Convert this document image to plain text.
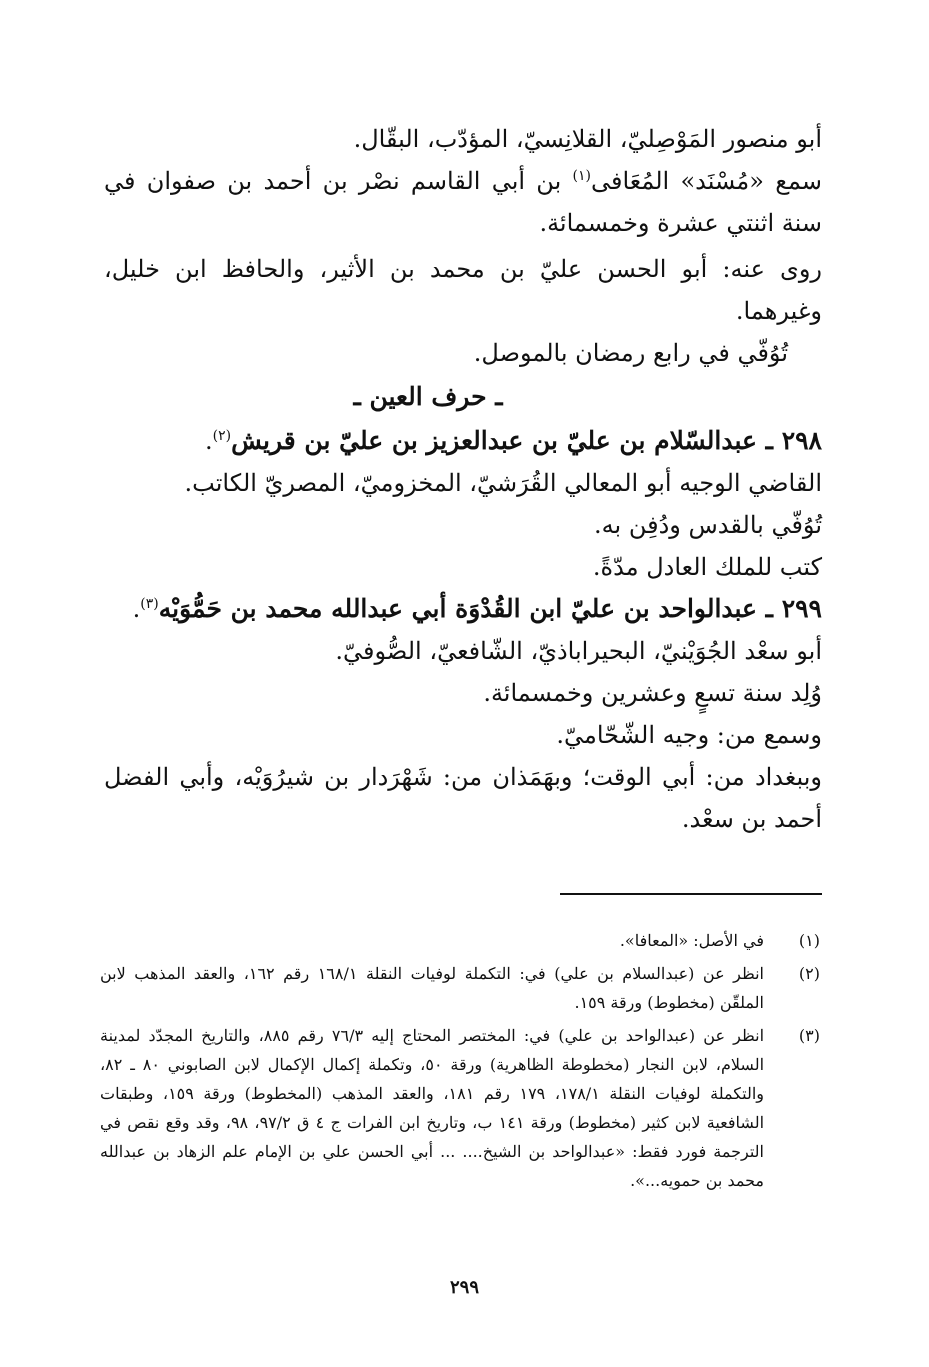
أبو منصور المَوْصِليّ، القلانِسيّ، المؤدّب، البقّال.

سمع «مُسْنَد» المُعَافى$^{(١)}$ بن أبي القاسم نصْر بن أحمد بن صفوان في سنة اثنتي عشرة وخمسمائة.

روى عنه: أبو الحسن عليّ بن محمد بن الأثير، والحافظ ابن خليل، وغيرهما.

تُوُفّي في رابع رمضان بالموصل.

ـ حرف العين ـ

٢٩٨ ـ عبدالسّلام بن عليّ بن عبدالعزيز بن عليّ بن قريش$^{(٢)}$.

القاضي الوجيه أبو المعالي القُرَشيّ، المخزوميّ، المصريّ الكاتب.

تُوُفّي بالقدس ودُفِن به.

كتب للملك العادل مدّةً.

٢٩٩ ـ عبدالواحد بن عليّ ابن القُدْوَة أبي عبدالله محمد بن حَمُّوَيْه$^{(٣)}$.

أبو سعْد الجُوَيْنيّ، البحيراباذيّ، الشّافعيّ، الصُّوفيّ.

وُلِد سنة تسعٍ وعشرين وخمسمائة.

وسمع من: وجيه الشّحّاميّ.

وببغداد من: أبي الوقت؛ وبهَمَذان من: شَهْرَدار بن شيرُوَيْه، وأبي الفضل أحمد بن سعْد.

(١)
في الأصل: «المعافا».
(٢)
انظر عن (عبدالسلام بن علي) في: التكملة لوفيات النقلة ١٦٨/١ رقم ١٦٢، والعقد المذهب لابن الملقّن (مخطوط) ورقة ١٥٩.
(٣)
انظر عن (عبدالواحد بن علي) في: المختصر المحتاج إليه ٧٦/٣ رقم ٨٨٥، والتاريخ المجدّد لمدينة السلام، لابن النجار (مخطوطة الظاهرية) ورقة ٥٠، وتكملة إكمال الإكمال لابن الصابوني ٨٠ ـ ٨٢، والتكملة لوفيات النقلة ١٧٨/١، ١٧٩ رقم ١٨١، والعقد المذهب (المخطوط) ورقة ١٥٩، وطبقات الشافعية لابن كثير (مخطوط) ورقة ١٤١ ب، وتاريخ ابن الفرات ج ٤ ق ٩٧/٢، ٩٨، وقد وقع نقص في الترجمة فورد فقط: «عبدالواحد بن الشيخ.... ... أبي الحسن علي بن الإمام علم الزهاد بن عبدالله محمد بن حمويه...».
٢٩٩
